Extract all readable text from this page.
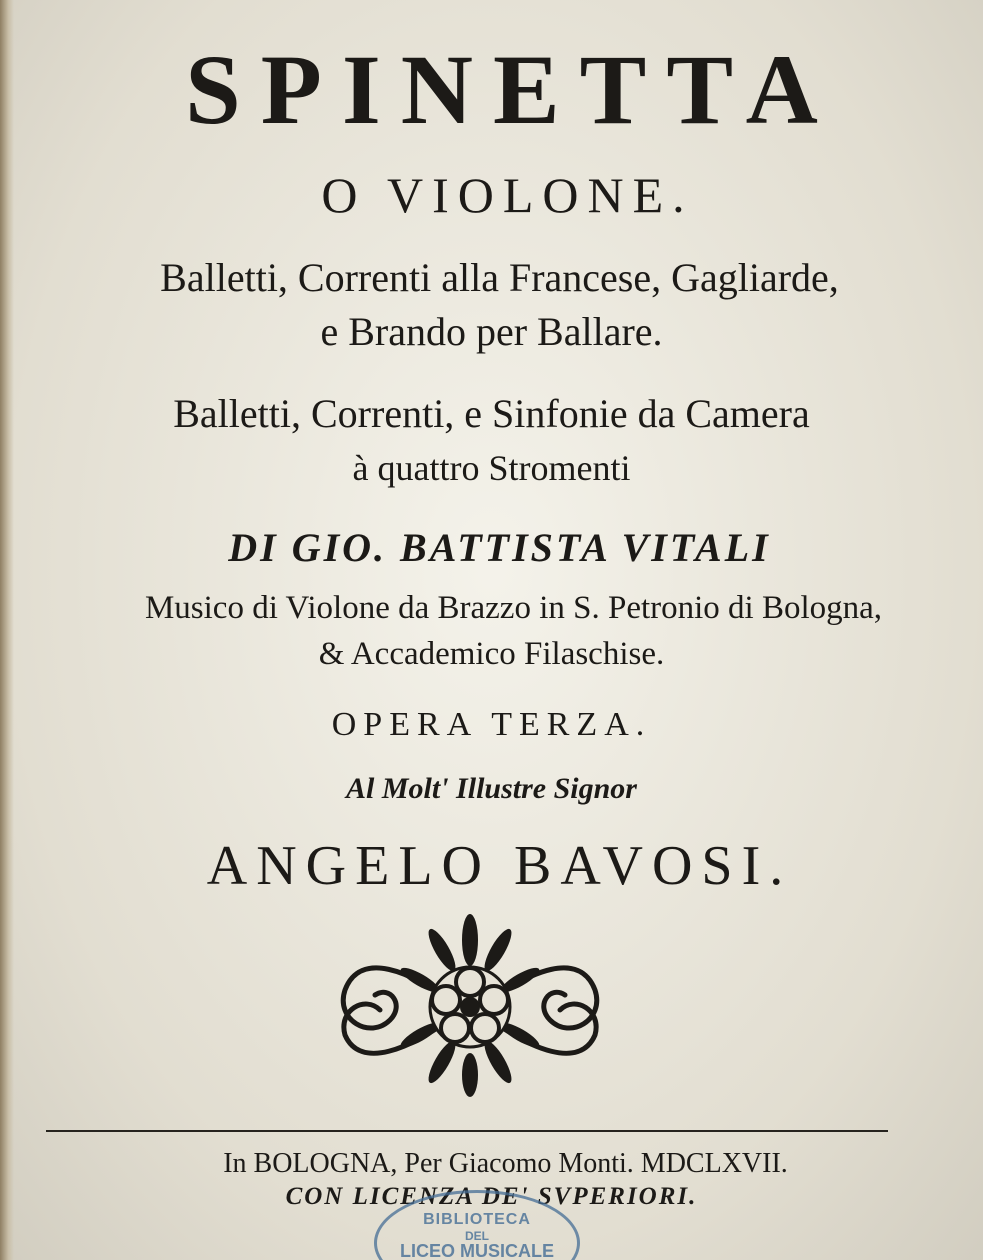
SPINETTA
O VIOLONE.
Balletti, Correnti alla Francese, Gagliarde,
e Brando per Ballare.
Balletti, Correnti, e Sinfonie da Camera
à quattro Stromenti
DI GIO. BATTISTA VITALI
Musico di Violone da Brazzo in S. Petronio di Bologna,
& Accademico Filaschise.
OPERA TERZA.
Al Molt' Illustre Signor
ANGELO BAVOSI.
In BOLOGNA, Per Giacomo Monti. MDCLXVII.
CON LICENZA DE' SVPERIORI.
BIBLIOTECA
DEL
LICEO MUSICALE
